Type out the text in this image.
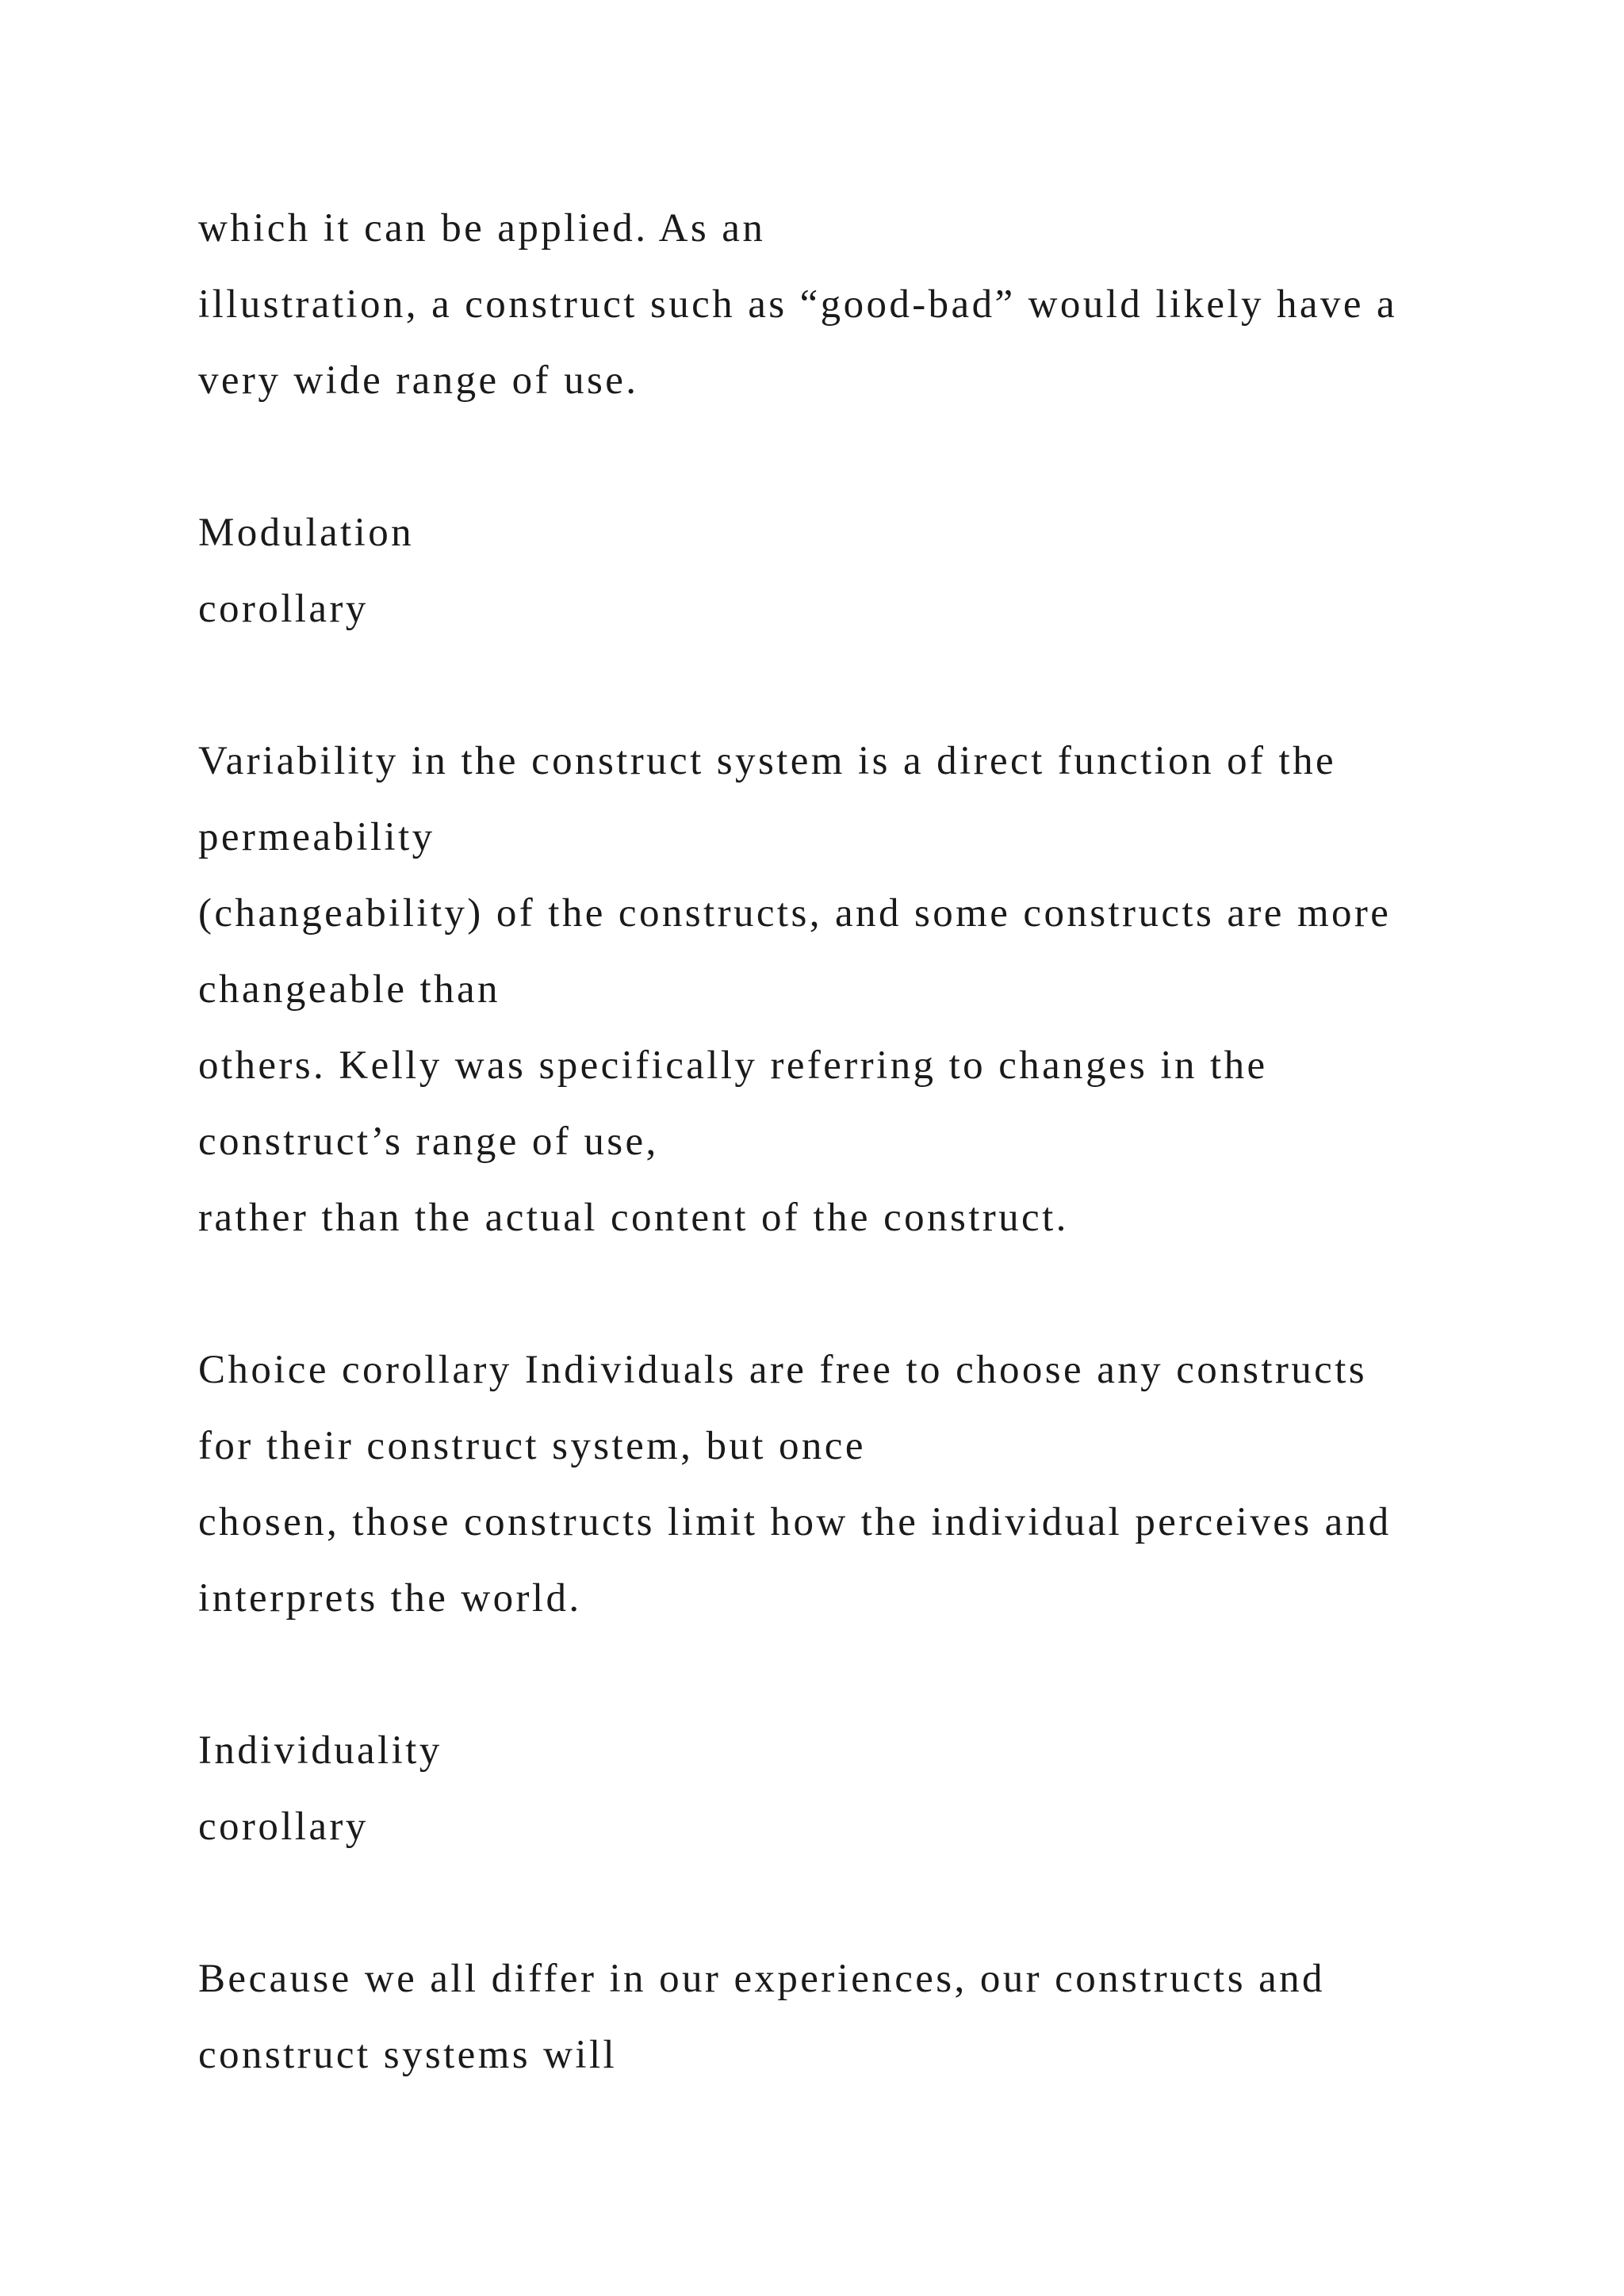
which it can be applied. As an
illustration, a construct such as “good-bad” would likely have a
very wide range of use.
Modulation
corollary
Variability in the construct system is a direct function of the
permeability
(changeability) of the constructs, and some constructs are more
changeable than
others. Kelly was specifically referring to changes in the
construct’s range of use,
rather than the actual content of the construct.
Choice corollary Individuals are free to choose any constructs
for their construct system, but once
chosen, those constructs limit how the individual perceives and
interprets the world.
Individuality
corollary
Because we all differ in our experiences, our constructs and
construct systems will
